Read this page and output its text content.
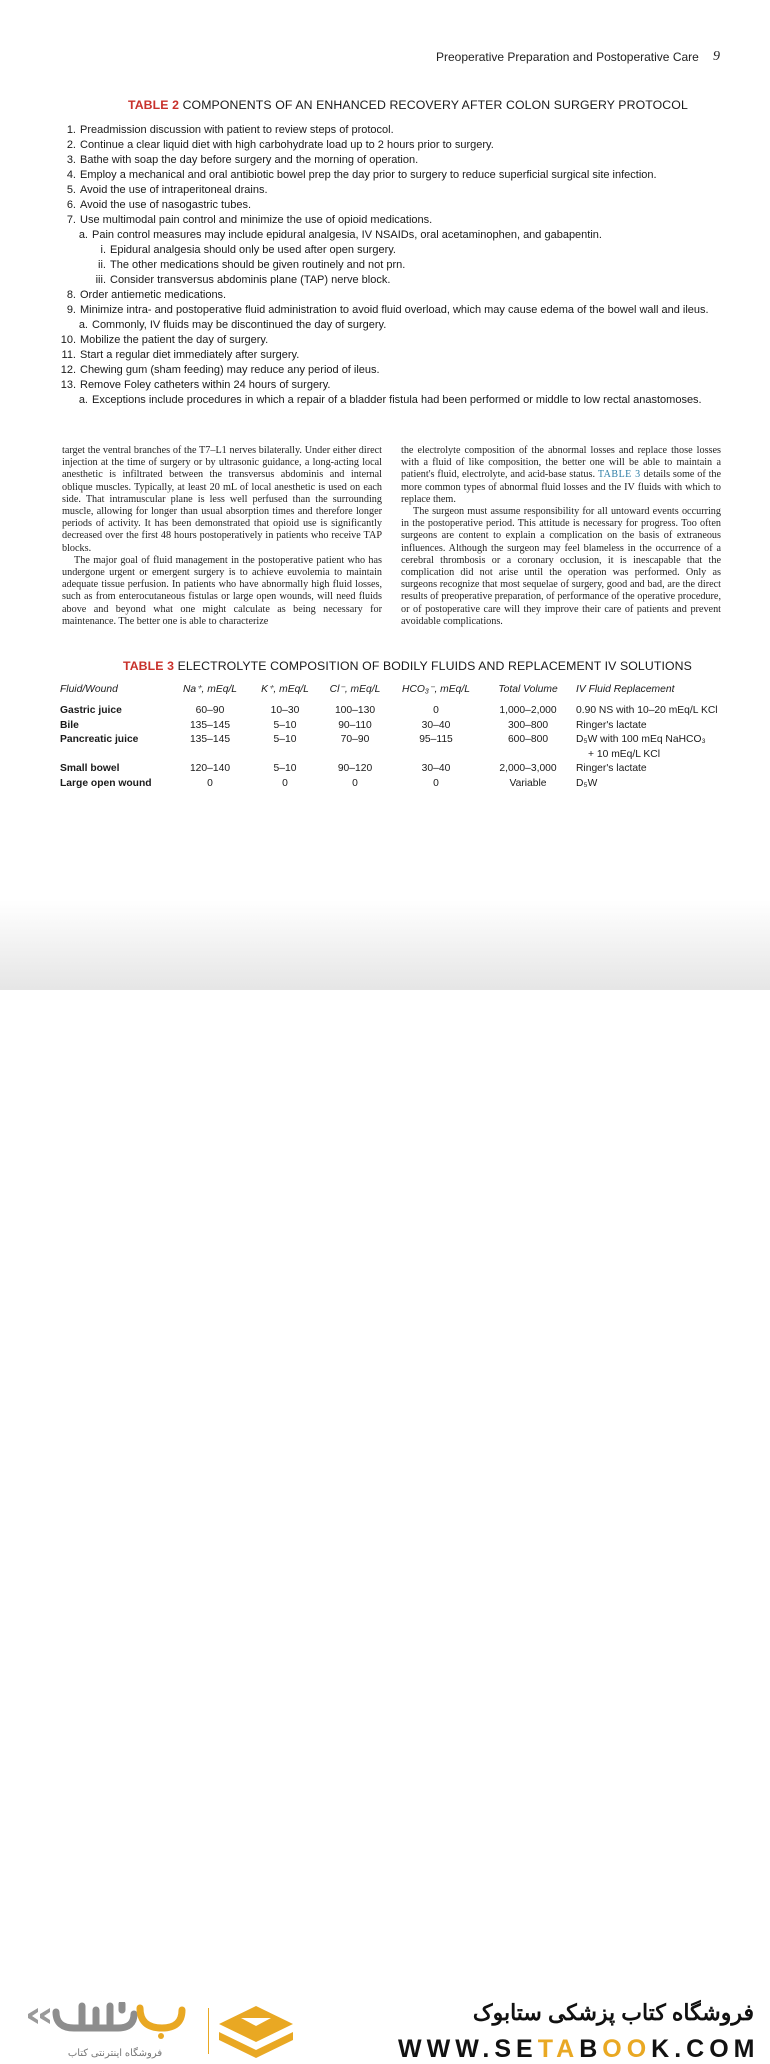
Preoperative Preparation and Postoperative Care 9
TABLE 2 COMPONENTS OF AN ENHANCED RECOVERY AFTER COLON SURGERY PROTOCOL
1. Preadmission discussion with patient to review steps of protocol.
2. Continue a clear liquid diet with high carbohydrate load up to 2 hours prior to surgery.
3. Bathe with soap the day before surgery and the morning of operation.
4. Employ a mechanical and oral antibiotic bowel prep the day prior to surgery to reduce superficial surgical site infection.
5. Avoid the use of intraperitoneal drains.
6. Avoid the use of nasogastric tubes.
7. Use multimodal pain control and minimize the use of opioid medications.
a. Pain control measures may include epidural analgesia, IV NSAIDs, oral acetaminophen, and gabapentin.
i. Epidural analgesia should only be used after open surgery.
ii. The other medications should be given routinely and not prn.
iii. Consider transversus abdominis plane (TAP) nerve block.
8. Order antiemetic medications.
9. Minimize intra- and postoperative fluid administration to avoid fluid overload, which may cause edema of the bowel wall and ileus.
a. Commonly, IV fluids may be discontinued the day of surgery.
10. Mobilize the patient the day of surgery.
11. Start a regular diet immediately after surgery.
12. Chewing gum (sham feeding) may reduce any period of ileus.
13. Remove Foley catheters within 24 hours of surgery.
a. Exceptions include procedures in which a repair of a bladder fistula had been performed or middle to low rectal anastomoses.

target the ventral branches of the T7–L1 nerves bilaterally. Under either direct injection at the time of surgery or by ultrasonic guidance, a long-acting local anesthetic is infiltrated between the transversus abdominis and internal oblique muscles. Typically, at least 20 mL of local anesthetic is used on each side. That intramuscular plane is less well perfused than the surrounding muscle, allowing for longer than usual absorption times and therefore longer periods of activity. It has been demonstrated that opioid use is significantly decreased over the first 48 hours postoperatively in patients who receive TAP blocks.

The major goal of fluid management in the postoperative patient who has undergone urgent or emergent surgery is to achieve euvolemia to maintain adequate tissue perfusion. In patients who have abnormally high fluid losses, such as from enterocutaneous fistulas or large open wounds, will need fluids above and beyond what one might calculate as being necessary for maintenance. The better one is able to characterize

the electrolyte composition of the abnormal losses and replace those losses with a fluid of like composition, the better one will be able to maintain a patient's fluid, electrolyte, and acid-base status. TABLE 3 details some of the more common types of abnormal fluid losses and the IV fluids with which to replace them.

The surgeon must assume responsibility for all untoward events occurring in the postoperative period. This attitude is necessary for progress. Too often surgeons are content to explain a complication on the basis of extraneous influences. Although the surgeon may feel blameless in the occurrence of a cerebral thrombosis or a coronary occlusion, it is inescapable that the complication did not arise until the operation was performed. Only as surgeons recognize that most sequelae of surgery, good and bad, are the direct results of preoperative preparation, of performance of the operative procedure, or of postoperative care will they improve their care of patients and prevent avoidable complications.

TABLE 3 ELECTROLYTE COMPOSITION OF BODILY FLUIDS AND REPLACEMENT IV SOLUTIONS
Fluid/Wound	Na⁺, mEq/L	K⁺, mEq/L	Cl⁻, mEq/L	HCO₃⁻, mEq/L	Total Volume	IV Fluid Replacement
Gastric juice	60–90	10–30	100–130	0	1,000–2,000	0.90 NS with 10–20 mEq/L KCl
Bile	135–145	5–10	90–110	30–40	300–800	Ringer's lactate
Pancreatic juice	135–145	5–10	70–90	95–115	600–800	D₅W with 100 mEq NaHCO₃
+ 10 mEq/L KCl

Small bowel	120–140	5–10	90–120	30–40	2,000–3,000	Ringer's lactate
Large open wound	0	0	0	0	Variable	D₅W
فروشگاه اینترنتی کتاب
فروشگاه کتاب پزشکی ستابوک
WWW.SETABOOK.COM
